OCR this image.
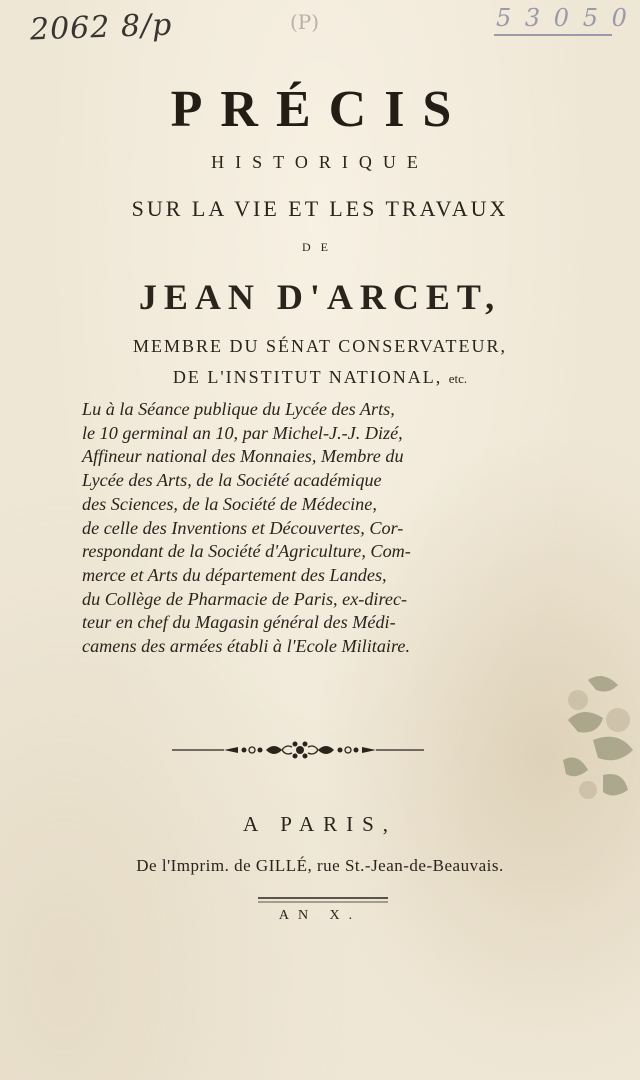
2062 8/p	(P)	5 3 0 5 0
PRÉCIS
HISTORIQUE
SUR LA VIE ET LES TRAVAUX
DE
JEAN D'ARCET,
MEMBRE DU SÉNAT CONSERVATEUR,
DE L'INSTITUT NATIONAL, etc.
Lu à la Séance publique du Lycée des Arts,
le 10 germinal an 10, par Michel-J.-J. Dizé,
Affineur national des Monnaies, Membre du
Lycée des Arts, de la Société académique
des Sciences, de la Société de Médecine,
de celle des Inventions et Découvertes, Cor-
respondant de la Société d'Agriculture, Com-
merce et Arts du département des Landes,
du Collège de Pharmacie de Paris, ex-direc-
teur en chef du Magasin général des Médi-
camens des armées établi à l'Ecole Militaire.
A PARIS,
De l'Imprim. de GILLÉ, rue St.-Jean-de-Beauvais.
AN X.
